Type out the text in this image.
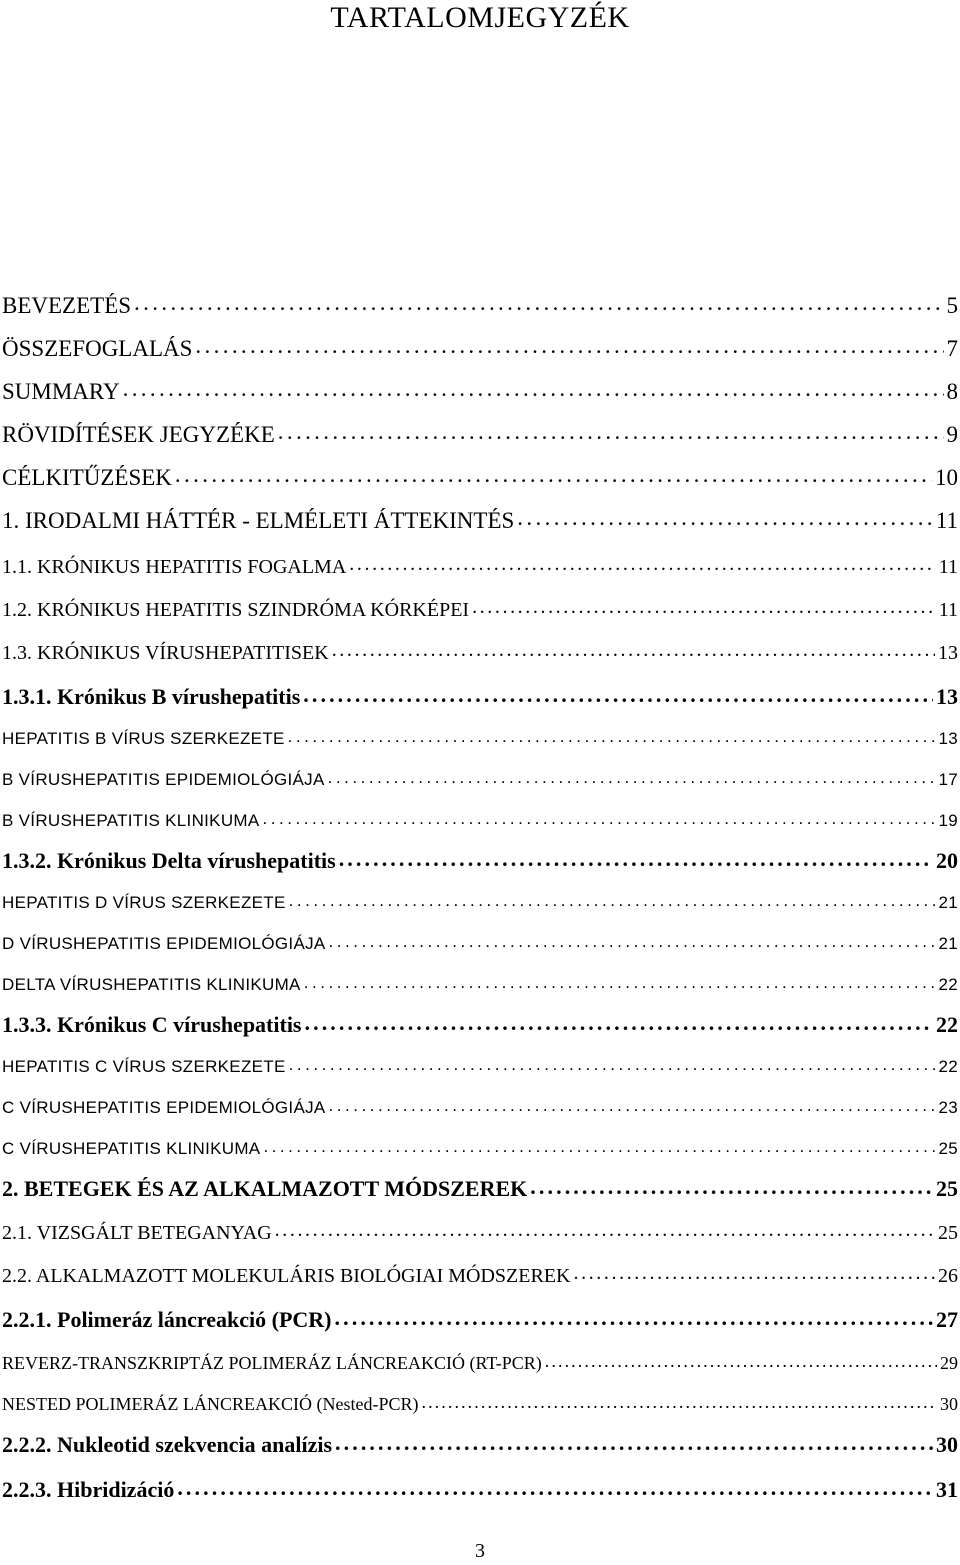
TARTALOMJEGYZÉK
BEVEZETÉS . . .	5
ÖSSZEFOGLALÁS . . .	7
SUMMARY . . .	8
RÖVIDÍTÉSEK JEGYZÉKE . . .	9
CÉLKITŰZÉSEK . . .	10
1. IRODALMI HÁTTÉR - ELMÉLETI ÁTTEKINTÉS . . .	11
1.1. KRÓNIKUS HEPATITIS FOGALMA . . .	11
1.2. KRÓNIKUS HEPATITIS SZINDRÓMA KÓRKÉPEI . . .	11
1.3. KRÓNIKUS VÍRUSHEPATITISEK . . .	13
1.3.1. Krónikus B vírushepatitis . . .	13
HEPATITIS B VÍRUS SZERKEZETE . . .	13
B VÍRUSHEPATITIS EPIDEMIOLÓGIÁJA . . .	17
B VÍRUSHEPATITIS KLINIKUMA . . .	19
1.3.2. Krónikus Delta vírushepatitis . . .	20
HEPATITIS D VÍRUS SZERKEZETE . . .	21
D VÍRUSHEPATITIS EPIDEMIOLÓGIÁJA . . .	21
DELTA VÍRUSHEPATITIS KLINIKUMA . . .	22
1.3.3. Krónikus C vírushepatitis . . .	22
HEPATITIS C VÍRUS SZERKEZETE . . .	22
C VÍRUSHEPATITIS EPIDEMIOLÓGIÁJA . . .	23
C VÍRUSHEPATITIS KLINIKUMA . . .	25
2. BETEGEK ÉS AZ ALKALMAZOTT MÓDSZEREK . . .	25
2.1. VIZSGÁLT BETEGANYAG . . .	25
2.2. ALKALMAZOTT MOLEKULÁRIS BIOLÓGIAI MÓDSZEREK . . .	26
2.2.1. Polimeráz láncreakció (PCR) . . .	27
REVERZ-TRANSZKRIPTÁZ POLIMERÁZ LÁNCREAKCIÓ (RT-PCR) . . .	29
NESTED POLIMERÁZ LÁNCREAKCIÓ (Nested-PCR) . . .	30
2.2.2. Nukleotid szekvencia analízis . . .	30
2.2.3. Hibridizáció . . .	31
3
